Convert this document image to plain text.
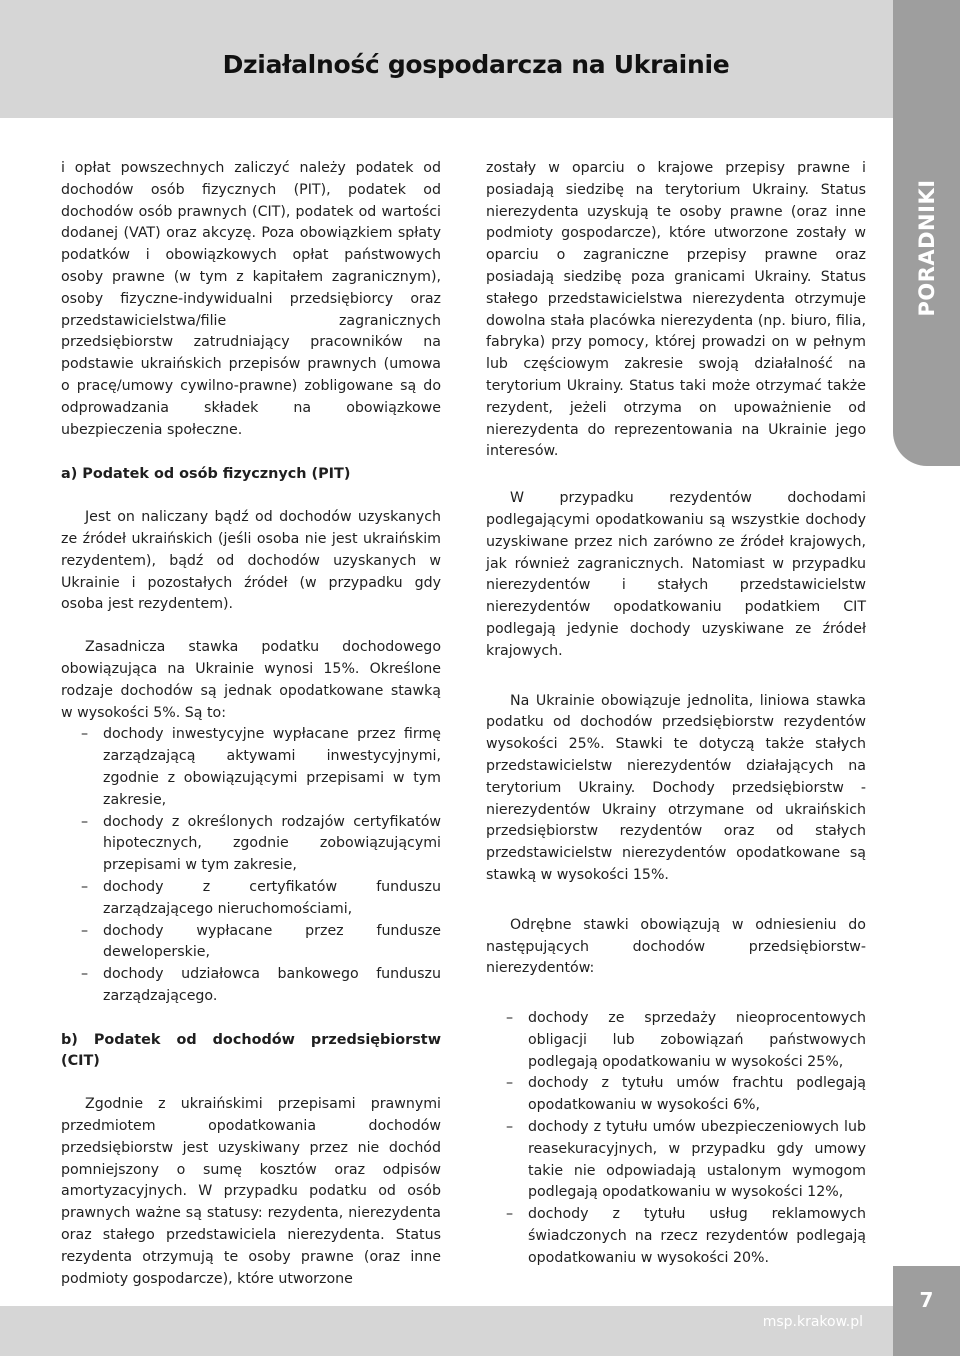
Działalność gospodarcza na Ukrainie
PORADNIKI

i opłat powszechnych zaliczyć należy podatek od dochodów osób fizycznych (PIT), podatek od dochodów osób prawnych (CIT), podatek od wartości dodanej (VAT) oraz akcyzę. Poza obowiązkiem spłaty podatków i obowiązkowych opłat państwowych osoby prawne (w tym z kapitałem zagranicznym), osoby fizyczne-indywidualni przedsiębiorcy oraz przedstawicielstwa/filie zagranicznych przedsiębiorstw zatrudniający pracowników na podstawie ukraińskich przepisów prawnych (umowa o pracę/umowy cywilno-prawne) zobligowane są do odprowadzania składek na obowiązkowe ubezpieczenia społeczne.

a) Podatek od osób fizycznych (PIT)

Jest on naliczany bądź od dochodów uzyskanych ze źródeł ukraińskich (jeśli osoba nie jest ukraińskim rezydentem), bądź od dochodów uzyskanych w Ukrainie i pozostałych źródeł (w przypadku gdy osoba jest rezydentem).

Zasadnicza stawka podatku dochodowego obowiązująca na Ukrainie wynosi 15%. Określone rodzaje dochodów są jednak opodatkowane stawką w wysokości 5%. Są to:

– dochody inwestycyjne wypłacane przez firmę zarządzającą aktywami inwestycyjnymi, zgodnie z obowiązującymi przepisami w tym zakresie,
– dochody z określonych rodzajów certyfikatów hipotecznych, zgodnie zobowiązującymi przepisami w tym zakresie,
– dochody z certyfikatów funduszu zarządzającego nieruchomościami,
– dochody wypłacane przez fundusze deweloperskie,
– dochody udziałowca bankowego funduszu zarządzającego.

b) Podatek od dochodów przedsiębiorstw (CIT)

Zgodnie z ukraińskimi przepisami prawnymi przedmiotem opodatkowania dochodów przedsiębiorstw jest uzyskiwany przez nie dochód pomniejszony o sumę kosztów oraz odpisów amortyzacyjnych. W przypadku podatku od osób prawnych ważne są statusy: rezydenta, nierezydenta oraz stałego przedstawiciela nierezydenta. Status rezydenta otrzymują te osoby prawne (oraz inne podmioty gospodarcze), które utworzone

zostały w oparciu o krajowe przepisy prawne i posiadają siedzibę na terytorium Ukrainy. Status nierezydenta uzyskują te osoby prawne (oraz inne podmioty gospodarcze), które utworzone zostały w oparciu o zagraniczne przepisy prawne oraz posiadają siedzibę poza granicami Ukrainy. Status stałego przedstawicielstwa nierezydenta otrzymuje dowolna stała placówka nierezydenta (np. biuro, filia, fabryka) przy pomocy, której prowadzi on w pełnym lub częściowym zakresie swoją działalność na terytorium Ukrainy. Status taki może otrzymać także rezydent, jeżeli otrzyma on upoważnienie od nierezydenta do reprezentowania na Ukrainie jego interesów.

W przypadku rezydentów dochodami podlegającymi opodatkowaniu są wszystkie dochody uzyskiwane przez nich zarówno ze źródeł krajowych, jak również zagranicznych. Natomiast w przypadku nierezydentów i stałych przedstawicielstw nierezydentów opodatkowaniu podatkiem CIT podlegają jedynie dochody uzyskiwane ze źródeł krajowych.

Na Ukrainie obowiązuje jednolita, liniowa stawka podatku od dochodów przedsiębiorstw rezydentów wysokości 25%. Stawki te dotyczą także stałych przedstawicielstw nierezydentów działających na terytorium Ukrainy. Dochody przedsiębiorstw - nierezydentów Ukrainy otrzymane od ukraińskich przedsiębiorstw rezydentów oraz od stałych przedstawicielstw nierezydentów opodatkowane są stawką w wysokości 15%.

Odrębne stawki obowiązują w odniesieniu do następujących dochodów przedsiębiorstw-nierezydentów:

– dochody ze sprzedaży nieoprocentowych obligacji lub zobowiązań państwowych podlegają opodatkowaniu w wysokości 25%,
– dochody z tytułu umów frachtu podlegają opodatkowaniu w wysokości 6%,
– dochody z tytułu umów ubezpieczeniowych lub reasekuracyjnych, w przypadku gdy umowy takie nie odpowiadają ustalonym wymogom podlegają opodatkowaniu w wysokości 12%,
– dochody z tytułu usług reklamowych świadczonych na rzecz rezydentów podlegają opodatkowaniu w wysokości 20%.
msp.krakow.pl
7
